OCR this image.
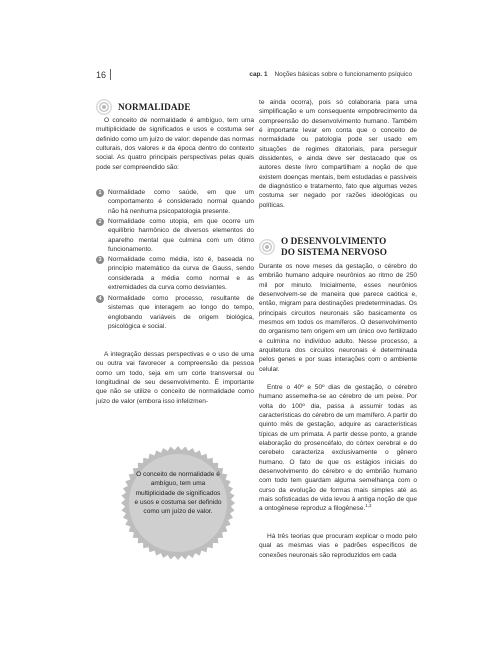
16	cap. 1 Noções básicas sobre o funcionamento psíquico
NORMALIDADE

O conceito de normalidade é ambíguo, tem uma multiplicidade de significados e usos e costuma ser definido como um juízo de valor: depende das normas culturais, dos valores e da época dentro do contexto social. As quatro principais perspectivas pelas quais pode ser compreendido são:

1 Normalidade como saúde, em que um comportamento é considerado normal quando não há nenhuma psicopatologia presente.
2 Normalidade como utopia, em que ocorre um equilíbrio harmônico de diversos elementos do aparelho mental que culmina com um ótimo funcionamento.
3 Normalidade como média, isto é, baseada no princípio matemático da curva de Gauss, sendo considerada a média como normal e as extremidades da curva como desviantes.
4 Normalidade como processo, resultante de sistemas que interagem ao longo do tempo, englobando variáveis de origem biológica, psicológica e social.

A integração dessas perspectivas e o uso de uma ou outra vai favorecer a compreensão da pessoa como um todo, seja em um corte transversal ou longitudinal de seu desenvolvimento. É importante que não se utilize o conceito de normalidade como juízo de valor (embora isso infelizmen-

O conceito de normalidade é ambíguo, tem uma multiplicidade de significados e usos e costuma ser definido como um juízo de valor.

te ainda ocorra), pois só colaboraria para uma simplificação e um consequente empobrecimento da compreensão do desenvolvimento humano. Também é importante levar em conta que o conceito de normalidade ou patologia pode ser usado em situações de regimes ditatoriais, para perseguir dissidentes, e ainda deve ser destacado que os autores deste livro compartilham a noção de que existem doenças mentais, bem estudadas e passíveis de diagnóstico e tratamento, fato que algumas vezes costuma ser negado por razões ideológicas ou políticas.

O DESENVOLVIMENTO
DO SISTEMA NERVOSO

Durante os nove meses da gestação, o cérebro do embrião humano adquire neurônios ao ritmo de 250 mil por minuto. Inicialmente, esses neurônios desenvolvem-se de maneira que parece caótica e, então, migram para destinações predeterminadas. Os principais circuitos neuronais são basicamente os mesmos em todos os mamíferos. O desenvolvimento do organismo tem origem em um único ovo fertilizado e culmina no indivíduo adulto. Nesse processo, a arquitetura dos circuitos neuronais é determinada pelos genes e por suas interações com o ambiente celular.

Entre o 40º e 50º dias de gestação, o cérebro humano assemelha-se ao cérebro de um peixe. Por volta do 100º dia, passa a assumir todas as características do cérebro de um mamífero. A partir do quinto mês de gestação, adquire as características típicas de um primata. A partir desse ponto, a grande elaboração do prosencéfalo, do córtex cerebral e do cerebelo caracteriza exclusivamente o gênero humano. O fato de que os estágios iniciais do desenvolvimento do cérebro e do embrião humano com todo tem guardam alguma semelhança com o curso da evolução de formas mais simples até as mais sofisticadas de vida levou à antiga noção de que a ontogênese reproduz a filogênese.$^{1,2}$

Há três teorias que procuram explicar o modo pelo qual as mesmas vias e padrões específicos de conexões neuronais são reproduzidos em cada
